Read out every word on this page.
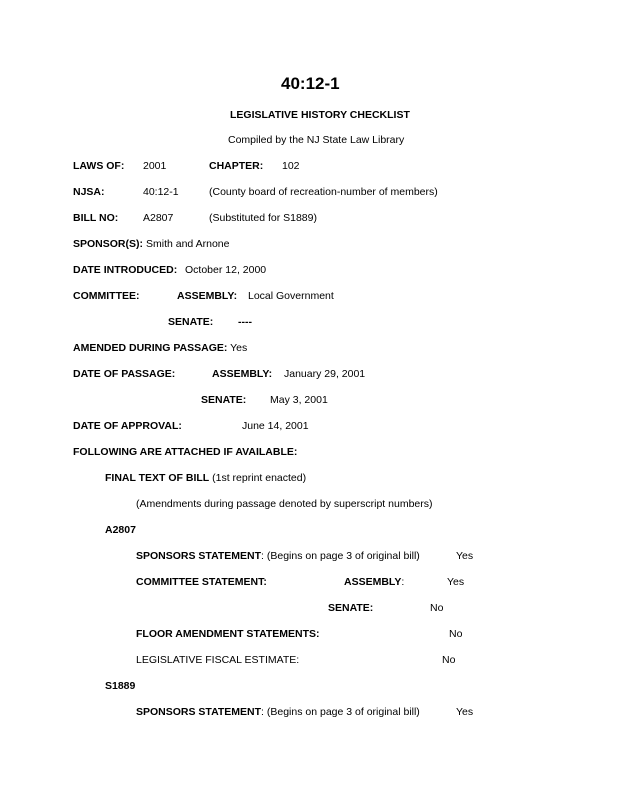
40:12-1
LEGISLATIVE HISTORY CHECKLIST
Compiled by the NJ State Law Library
LAWS OF: 2001	CHAPTER: 102
NJSA:	40:12-1	(County board of recreation-number of members)
BILL NO: A2807	(Substituted for S1889)
SPONSOR(S): Smith and Arnone
DATE INTRODUCED: October 12, 2000
COMMITTEE:	ASSEMBLY: Local Government
SENATE: ----
AMENDED DURING PASSAGE: Yes
DATE OF PASSAGE:	ASSEMBLY: January 29, 2001
SENATE: May 3, 2001
DATE OF APPROVAL:	June 14, 2001
FOLLOWING ARE ATTACHED IF AVAILABLE:
FINAL TEXT OF BILL (1st reprint enacted)
(Amendments during passage denoted by superscript numbers)
A2807
SPONSORS STATEMENT: (Begins on page 3 of original bill)	Yes
COMMITTEE STATEMENT:	ASSEMBLY:	Yes
SENATE:	No
FLOOR AMENDMENT STATEMENTS:	No
LEGISLATIVE FISCAL ESTIMATE:	No
S1889
SPONSORS STATEMENT: (Begins on page 3 of original bill)	Yes
